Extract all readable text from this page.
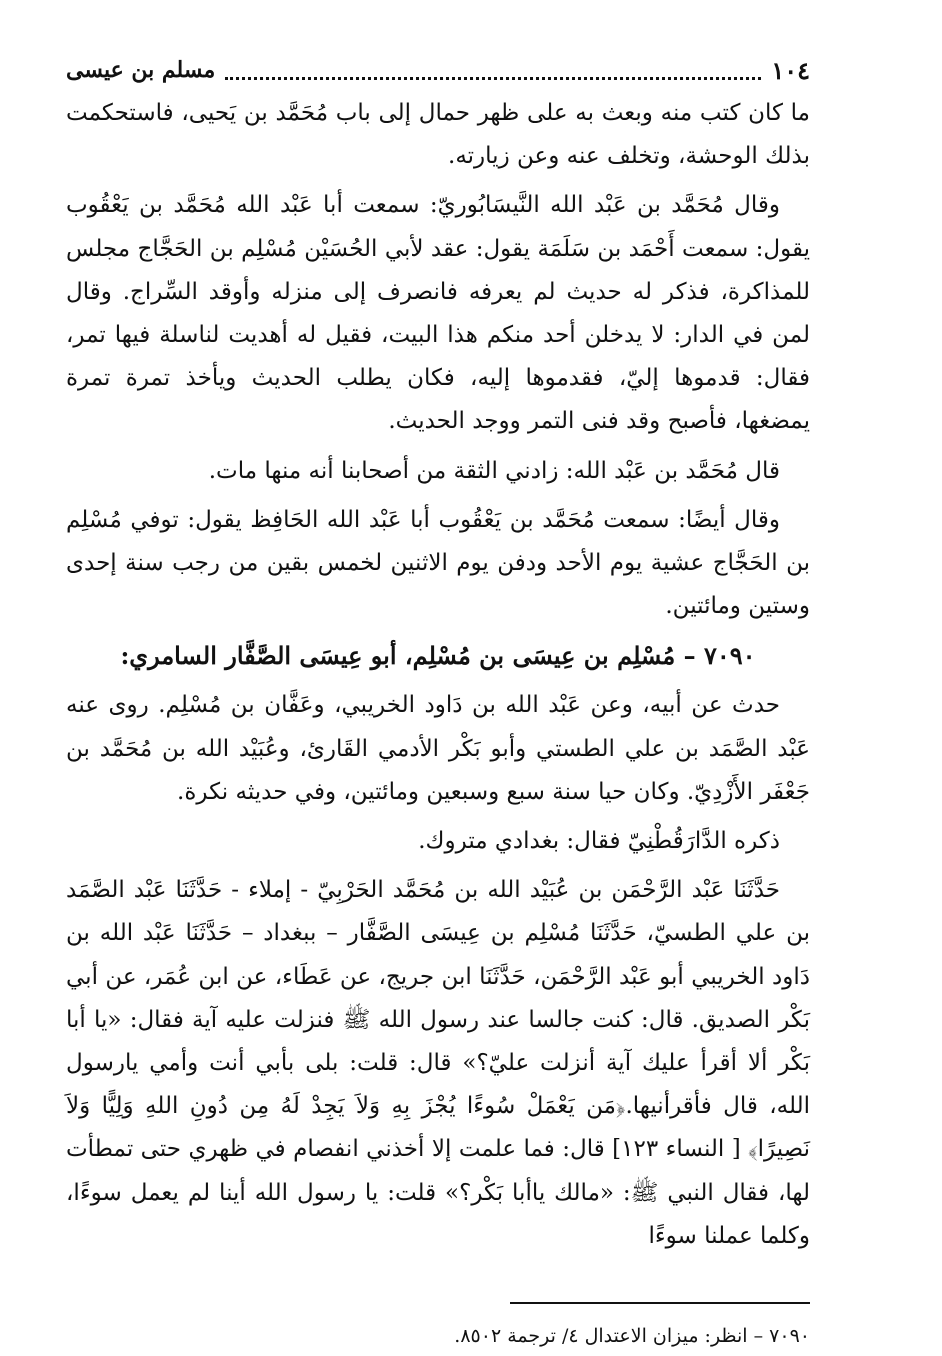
١٠٤
مسلم بن عيسى

ما كان كتب منه وبعث به على ظهر حمال إلى باب مُحَمَّد بن يَحيى، فاستحكمت بذلك الوحشة، وتخلف عنه وعن زيارته.

وقال مُحَمَّد بن عَبْد الله النَّيسَابُوريّ: سمعت أبا عَبْد الله مُحَمَّد بن يَعْقُوب يقول: سمعت أَحْمَد بن سَلَمَة يقول: عقد لأبي الحُسَيْن مُسْلِم بن الحَجَّاج مجلس للمذاكرة، فذكر له حديث لم يعرفه فانصرف إلى منزله وأوقد السِّراج. وقال لمن في الدار: لا يدخلن أحد منكم هذا البيت، فقيل له أهديت لناسلة فيها تمر، فقال: قدموها إليّ، فقدموها إليه، فكان يطلب الحديث ويأخذ تمرة تمرة يمضغها، فأصبح وقد فنى التمر ووجد الحديث.

قال مُحَمَّد بن عَبْد الله: زادني الثقة من أصحابنا أنه منها مات.

وقال أيضًا: سمعت مُحَمَّد بن يَعْقُوب أبا عَبْد الله الحَافِظ يقول: توفي مُسْلِم بن الحَجَّاج عشية يوم الأحد ودفن يوم الاثنين لخمس بقين من رجب سنة إحدى وستين ومائتين.

٧٠٩٠ – مُسْلِم بن عِيسَى بن مُسْلِم، أبو عِيسَى الصَّفَّار السامري:

حدث عن أبيه، وعن عَبْد الله بن دَاود الخريبي، وعَفَّان بن مُسْلِم. روى عنه عَبْد الصَّمَد بن علي الطستي وأبو بَكْر الأدمي القَارئ، وعُبَيْد الله بن مُحَمَّد بن جَعْفَر الأَزْدِيّ. وكان حيا سنة سبع وسبعين ومائتين، وفي حديثه نكرة.

ذكره الدَّارَقُطْنِيّ فقال: بغدادي متروك.

حَدَّثَنَا عَبْد الرَّحْمَن بن عُبَيْد الله بن مُحَمَّد الحَرْبِيّ - إملاء - حَدَّثَنَا عَبْد الصَّمَد بن علي الطسيّ، حَدَّثَنَا مُسْلِم بن عِيسَى الصَّفَّار – ببغداد – حَدَّثَنَا عَبْد الله بن دَاود الخريبي أبو عَبْد الرَّحْمَن، حَدَّثَنَا ابن جريج، عن عَطَاء، عن ابن عُمَر، عن أبي بَكْر الصديق. قال: كنت جالسا عند رسول الله ﷺ فنزلت عليه آية فقال: «يا أبا بَكْر ألا أقرأ عليك آية أنزلت عليّ؟» قال: قلت: بلى بأبي أنت وأمي يارسول الله، قال فأقرأنيها.﴿مَن يَعْمَلْ سُوءًا يُجْزَ بِهِ وَلاَ يَجِدْ لَهُ مِن دُونِ اللهِ وَلِيًّا وَلاَ نَصِيرًا﴾ [ النساء ١٢٣] قال: فما علمت إلا أخذني انفصام في ظهري حتى تمطأت لها، فقال النبي ﷺ: «مالك ياأبا بَكْر؟» قلت: يا رسول الله أينا لم يعمل سوءًا، وكلما عملنا سوءًا

٧٠٩٠ – انظر: ميزان الاعتدال ٤/ ترجمة ٨٥٠٢.
